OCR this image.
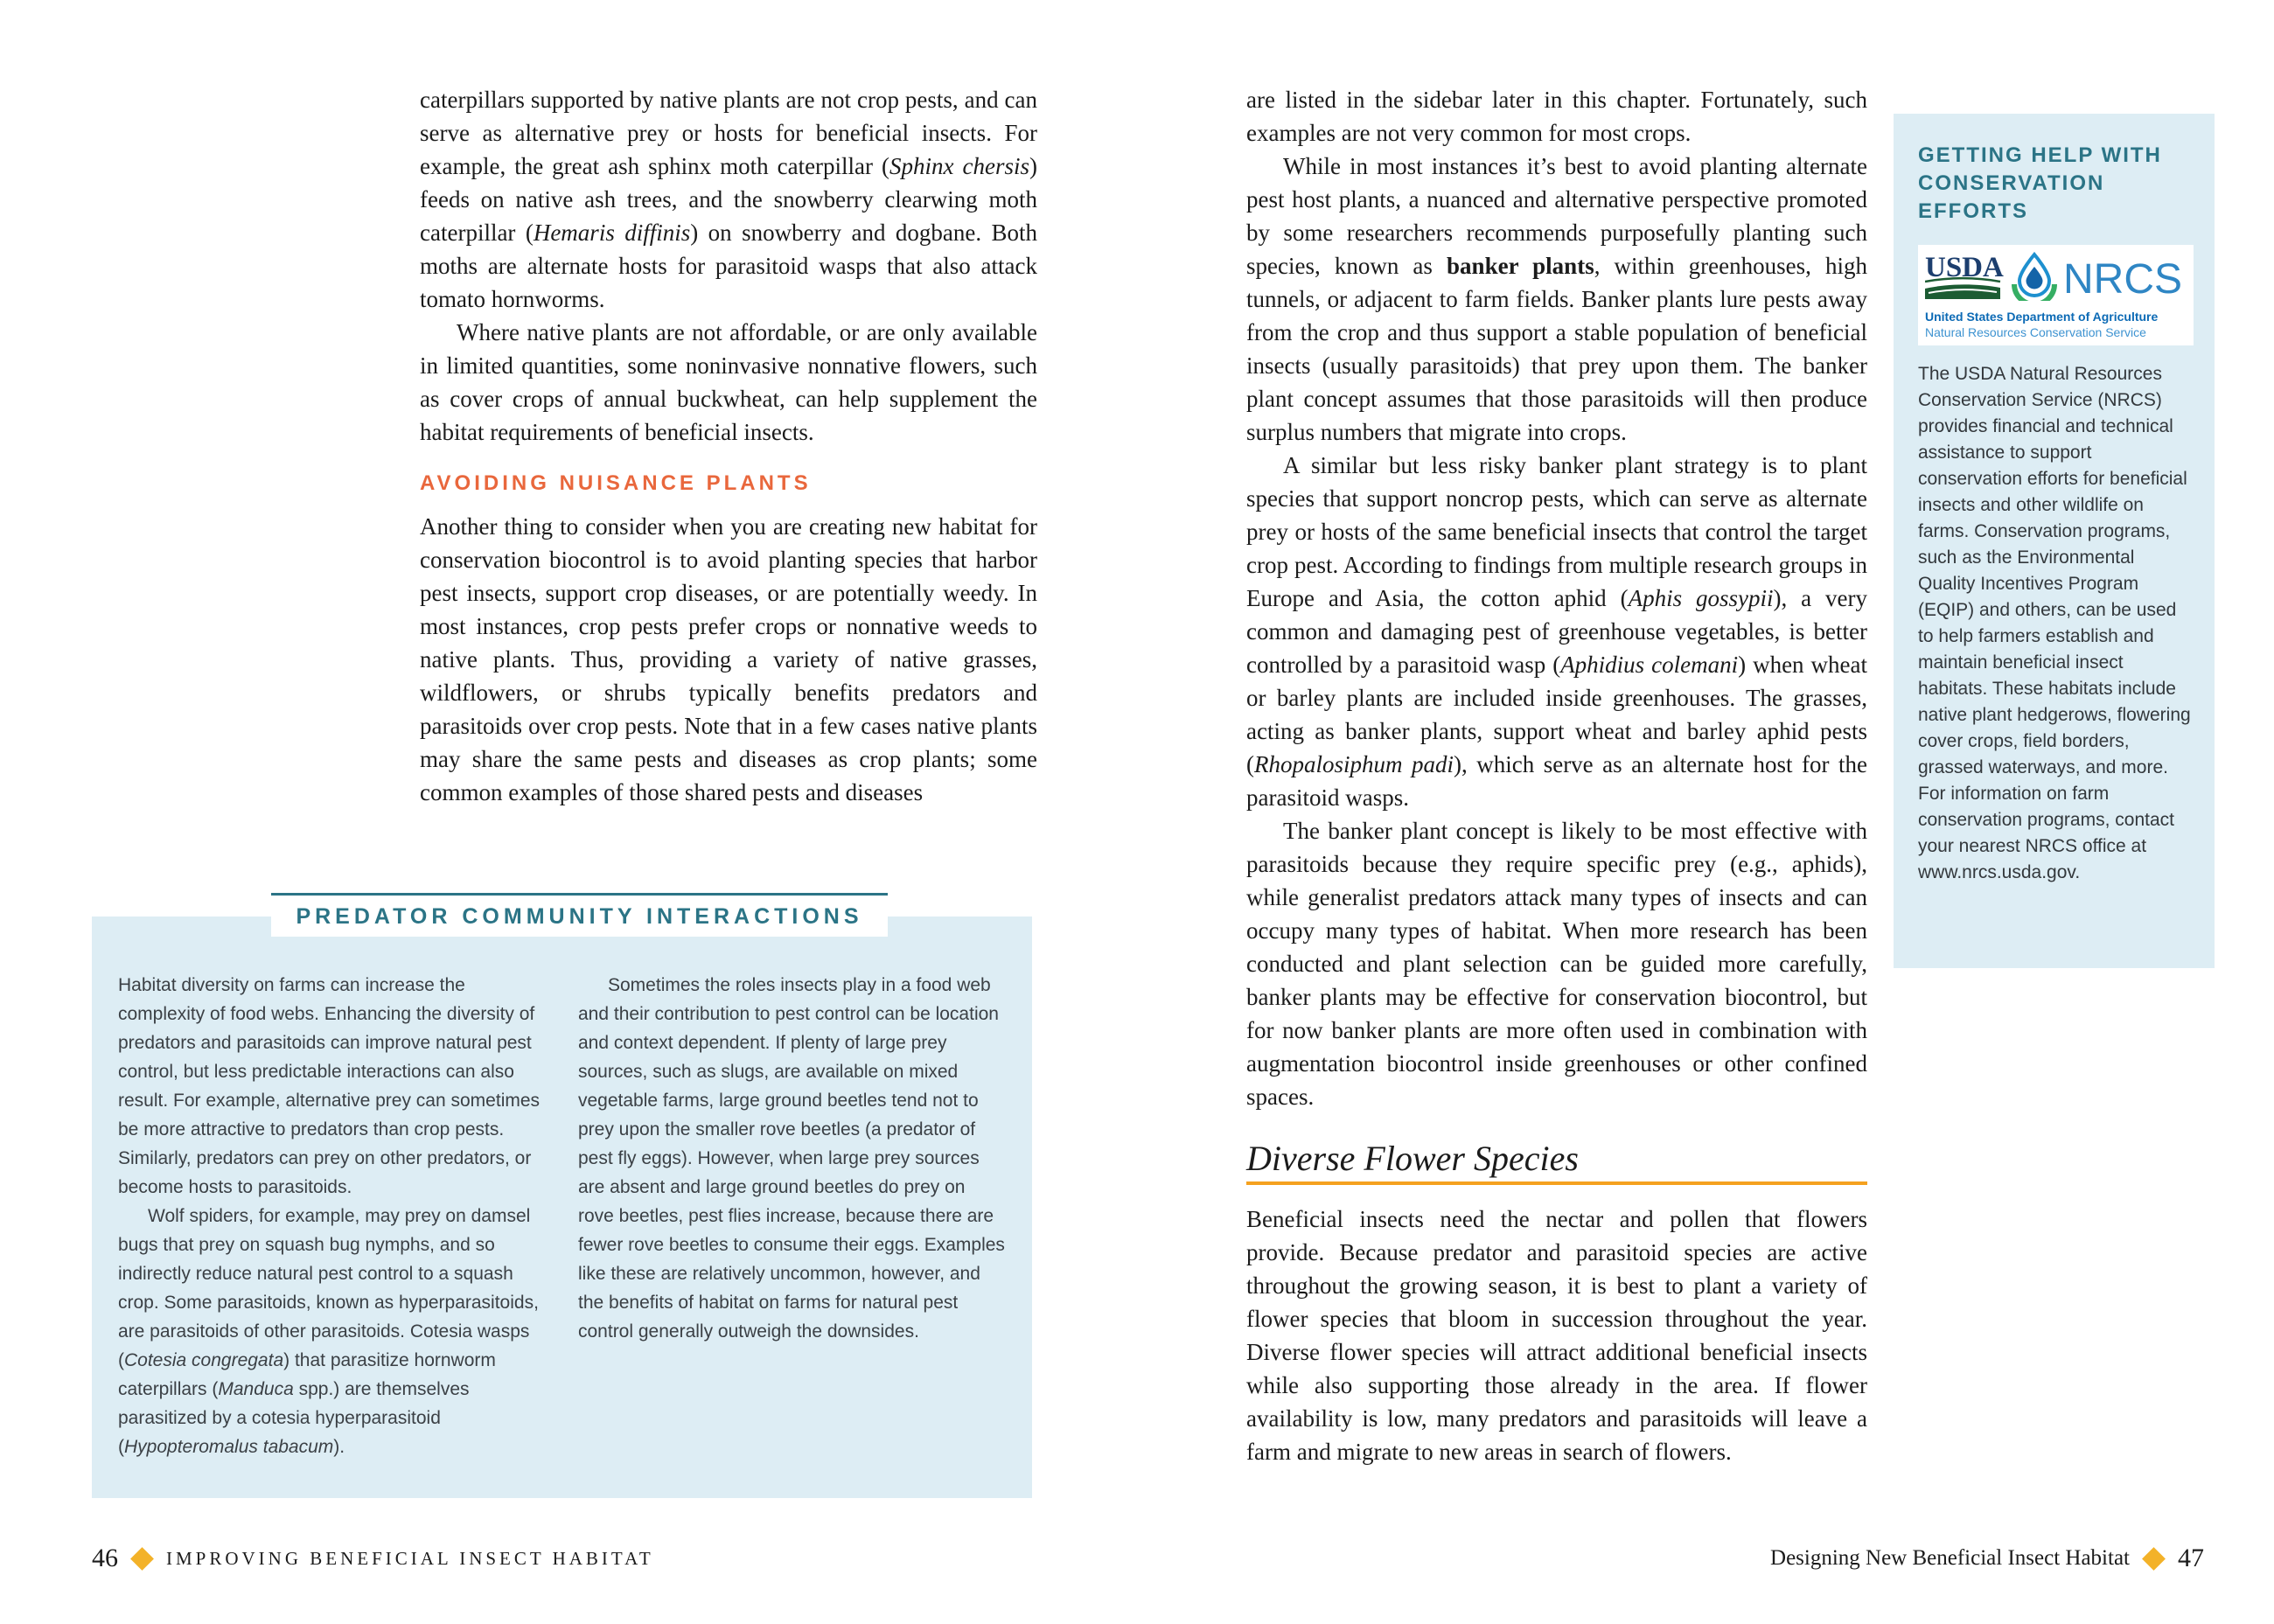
caterpillars supported by native plants are not crop pests, and can serve as alternative prey or hosts for beneficial insects. For example, the great ash sphinx moth caterpillar (Sphinx chersis) feeds on native ash trees, and the snowberry clearwing moth caterpillar (Hemaris diffinis) on snowberry and dogbane. Both moths are alternate hosts for parasitoid wasps that also attack tomato hornworms.

Where native plants are not affordable, or are only available in limited quantities, some noninvasive nonnative flowers, such as cover crops of annual buckwheat, can help supplement the habitat requirements of beneficial insects.

AVOIDING NUISANCE PLANTS

Another thing to consider when you are creating new habitat for conservation biocontrol is to avoid planting species that harbor pest insects, support crop diseases, or are potentially weedy. In most instances, crop pests prefer crops or nonnative weeds to native plants. Thus, providing a variety of native grasses, wildflowers, or shrubs typically benefits predators and parasitoids over crop pests. Note that in a few cases native plants may share the same pests and diseases as crop plants; some common examples of those shared pests and diseases

PREDATOR COMMUNITY INTERACTIONS

Habitat diversity on farms can increase the complexity of food webs. Enhancing the diversity of predators and parasitoids can improve natural pest control, but less predictable interactions can also result. For example, alternative prey can sometimes be more attractive to predators than crop pests. Similarly, predators can prey on other predators, or become hosts to parasitoids.

Wolf spiders, for example, may prey on damsel bugs that prey on squash bug nymphs, and so indirectly reduce natural pest control to a squash crop. Some parasitoids, known as hyperparasitoids, are parasitoids of other parasitoids. Cotesia wasps (Cotesia congregata) that parasitize hornworm caterpillars (Manduca spp.) are themselves parasitized by a cotesia hyperparasitoid (Hypopteromalus tabacum).

Sometimes the roles insects play in a food web and their contribution to pest control can be location and context dependent. If plenty of large prey sources, such as slugs, are available on mixed vegetable farms, large ground beetles tend not to prey upon the smaller rove beetles (a predator of pest fly eggs). However, when large prey sources are absent and large ground beetles do prey on rove beetles, pest flies increase, because there are fewer rove beetles to consume their eggs. Examples like these are relatively uncommon, however, and the benefits of habitat on farms for natural pest control generally outweigh the downsides.

are listed in the sidebar later in this chapter. Fortunately, such examples are not very common for most crops.

While in most instances it’s best to avoid planting alternate pest host plants, a nuanced and alternative perspective promoted by some researchers recommends purposefully planting such species, known as banker plants, within greenhouses, high tunnels, or adjacent to farm fields. Banker plants lure pests away from the crop and thus support a stable population of beneficial insects (usually parasitoids) that prey upon them. The banker plant concept assumes that those parasitoids will then produce surplus numbers that migrate into crops.

A similar but less risky banker plant strategy is to plant species that support noncrop pests, which can serve as alternate prey or hosts of the same beneficial insects that control the target crop pest. According to findings from multiple research groups in Europe and Asia, the cotton aphid (Aphis gossypii), a very common and damaging pest of greenhouse vegetables, is better controlled by a parasitoid wasp (Aphidius colemani) when wheat or barley plants are included inside greenhouses. The grasses, acting as banker plants, support wheat and barley aphid pests (Rhopalosiphum padi), which serve as an alternate host for the parasitoid wasps.

The banker plant concept is likely to be most effective with parasitoids because they require specific prey (e.g., aphids), while generalist predators attack many types of insects and can occupy many types of habitat. When more research has been conducted and plant selection can be guided more carefully, banker plants may be effective for conservation biocontrol, but for now banker plants are more often used in combination with augmentation biocontrol inside greenhouses or other confined spaces.

Diverse Flower Species

Beneficial insects need the nectar and pollen that flowers provide. Because predator and parasitoid species are active throughout the growing season, it is best to plant a variety of flower species that bloom in succession throughout the year. Diverse flower species will attract additional beneficial insects while also supporting those already in the area. If flower availability is low, many predators and parasitoids will leave a farm and migrate to new areas in search of flowers.

GETTING HELP WITH CONSERVATION EFFORTS
USDA NRCS
United States Department of Agriculture
Natural Resources Conservation Service

The USDA Natural Resources Conservation Service (NRCS) provides financial and technical assistance to support conservation efforts for beneficial insects and other wildlife on farms. Conservation programs, such as the Environmental Quality Incentives Program (EQIP) and others, can be used to help farmers establish and maintain beneficial insect habitats. These habitats include native plant hedgerows, flowering cover crops, field borders, grassed waterways, and more. For information on farm conservation programs, contact your nearest NRCS office at www.nrcs.usda.gov.

46	IMPROVING BENEFICIAL INSECT HABITAT	Designing New Beneficial Insect Habitat 47
